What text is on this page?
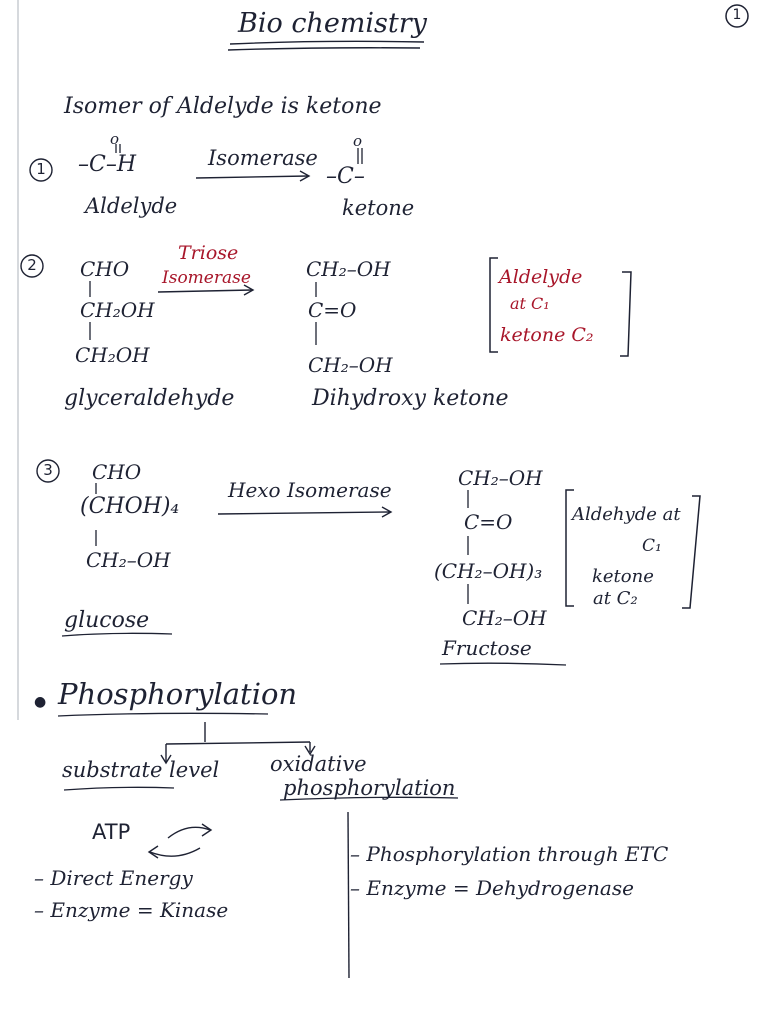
Bio chemistry	1
Isomer of Aldelyde is ketone
1
o
–C–H	Isomerase
o
–C–
Aldelyde	ketone
2 CHO
CH₂OH
CH₂OH
glyceraldehyde
Triose
Isomerase	CH₂–OH
C=O
CH₂–OH
Dihydroxy ketone
Aldelyde
at C₁
ketone C₂
3 CHO
(CHOH)₄
CH₂–OH
glucose
Hexo Isomerase	CH₂–OH
C=O
(CH₂–OH)₃
CH₂–OH
Fructose
Aldehyde at
C₁
ketone
at C₂
● Phosphorylation
substrate level oxidative
phosphorylation
ATP
– Direct Energy
– Enzyme = Kinase
– Phosphorylation through ETC
– Enzyme = Dehydrogenase
